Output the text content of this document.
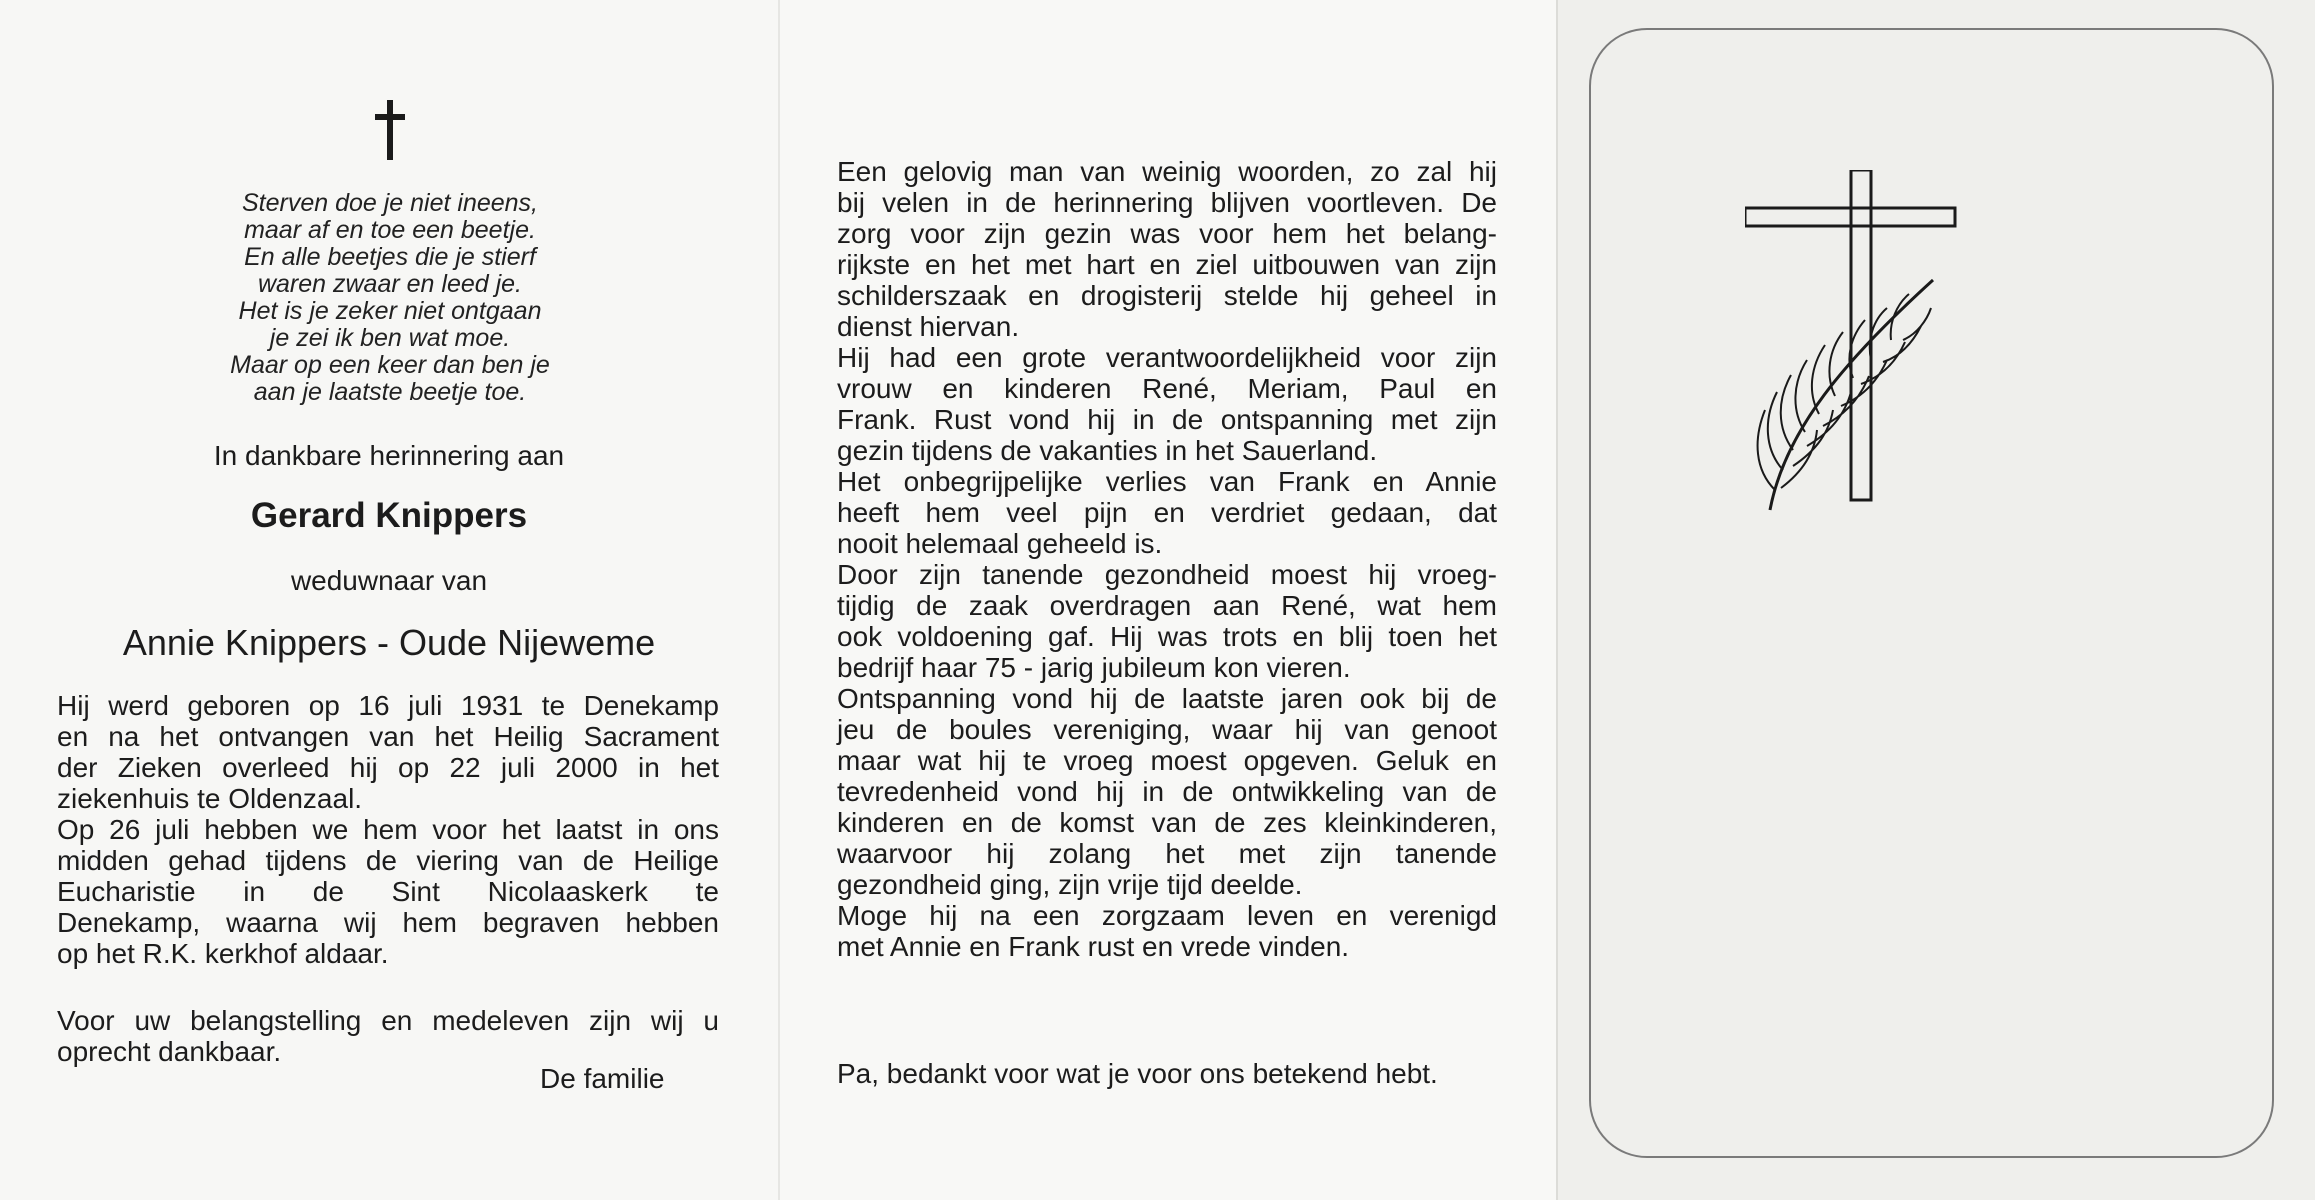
Sterven doe je niet ineens,
maar af en toe een beetje.
En alle beetjes die je stierf
waren zwaar en leed je.
Het is je zeker niet ontgaan
je zei ik ben wat moe.
Maar op een keer dan ben je
aan je laatste beetje toe.
In dankbare herinnering aan
Gerard Knippers
weduwnaar van
Annie Knippers - Oude Nijeweme
Hij werd geboren op 16 juli 1931 te Denekamp
en na het ontvangen van het Heilig Sacrament
der Zieken overleed hij op 22 juli 2000 in het
ziekenhuis te Oldenzaal.
Op 26 juli hebben we hem voor het laatst in ons
midden gehad tijdens de viering van de Heilige
Eucharistie in de Sint Nicolaaskerk te
Denekamp, waarna wij hem begraven hebben
op het R.K. kerkhof aldaar.
Voor uw belangstelling en medeleven zijn wij u
oprecht dankbaar.
De familie
Een gelovig man van weinig woorden, zo zal hij
bij velen in de herinnering blijven voortleven. De
zorg voor zijn gezin was voor hem het belang-
rijkste en het met hart en ziel uitbouwen van zijn
schilderszaak en drogisterij stelde hij geheel in
dienst hiervan.
Hij had een grote verantwoordelijkheid voor zijn
vrouw en kinderen René, Meriam, Paul en
Frank. Rust vond hij in de ontspanning met zijn
gezin tijdens de vakanties in het Sauerland.
Het onbegrijpelijke verlies van Frank en Annie
heeft hem veel pijn en verdriet gedaan, dat
nooit helemaal geheeld is.
Door zijn tanende gezondheid moest hij vroeg-
tijdig de zaak overdragen aan René, wat hem
ook voldoening gaf. Hij was trots en blij toen het
bedrijf haar 75 - jarig jubileum kon vieren.
Ontspanning vond hij de laatste jaren ook bij de
jeu de boules vereniging, waar hij van genoot
maar wat hij te vroeg moest opgeven. Geluk en
tevredenheid vond hij in de ontwikkeling van de
kinderen en de komst van de zes kleinkinderen,
waarvoor hij zolang het met zijn tanende
gezondheid ging, zijn vrije tijd deelde.
Moge hij na een zorgzaam leven en verenigd
met Annie en Frank rust en vrede vinden.
Pa, bedankt voor wat je voor ons betekend hebt.
